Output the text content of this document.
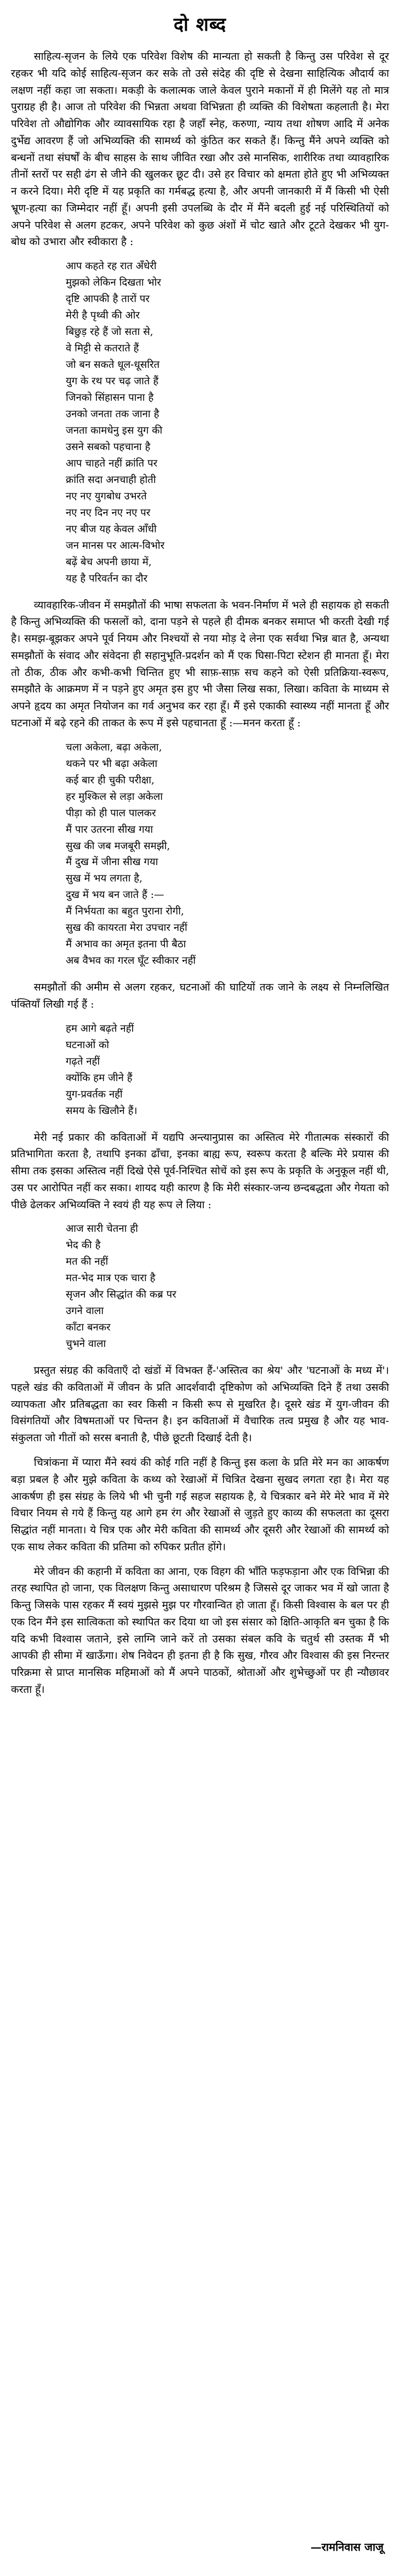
दो शब्द

साहित्य-सृजन के लिये एक परिवेश विशेष की मान्यता हो सकती है किन्तु उस परिवेश से दूर रहकर भी यदि कोई साहित्य-सृजन कर सके तो उसे संदेह की दृष्टि से देखना साहित्यिक औदार्य का लक्षण नहीं कहा जा सकता। मकड़ी के कलात्मक जाले केवल पुराने मकानों में ही मिलेंगे यह तो मात्र पुराग्रह ही है। आज तो परिवेश की भिन्नता अथवा विभिन्नता ही व्यक्ति की विशेषता कहलाती है। मेरा परिवेश तो औद्योगिक और व्यावसायिक रहा है जहाँ स्नेह, करुणा, न्याय तथा शोषण आदि में अनेक दुर्भेद्य आवरण हैं जो अभिव्यक्ति की सामर्थ्य को कुंठित कर सकते हैं। किन्तु मैंने अपने व्यक्ति को बन्धनों तथा संघर्षों के बीच साहस के साथ जीवित रखा और उसे मानसिक, शारीरिक तथा व्यावहारिक तीनों स्तरों पर सही ढंग से जीने की खुलकर छूट दी। उसे हर विचार को क्षमता होते हुए भी अभिव्यक्त न करने दिया। मेरी दृष्टि में यह प्रकृति का गर्मबद्ध हत्या है, और अपनी जानकारी में मैं किसी भी ऐसी भ्रूण-हत्या का जिम्मेदार नहीं हूँ। अपनी इसी उपलब्धि के दौर में मैंने बदली हुई नई परिस्थितियों को अपने परिवेश से अलग हटकर, अपने परिवेश को कुछ अंशों में चोट खाते और टूटते देखकर भी युग-बोध को उभारा और स्वीकारा है :

आप कहते रह रात अँधेरी
मुझको लेकिन दिखता भोर
दृष्टि आपकी है तारों पर
मेरी है पृथ्वी की ओर
बिछुड़ रहे हैं जो सता से,
वे मिट्टी से कतराते हैं
जो बन सकते धूल-धूसरित
युग के रथ पर चढ़ जाते हैं
जिनको सिंहासन पाना है
उनको जनता तक जाना है
जनता कामधेनु इस युग की
उसने सबको पहचाना है
आप चाहते नहीं क्रांति पर
क्रांति सदा अनचाही होती
नए नए युगबोध उभरते
नए नए दिन नए नए पर
नए बीज यह केवल आँधी
जन मानस पर आत्म-विभोर
बढ़ें बेच अपनी छाया में,
यह है परिवर्तन का दौर

व्यावहारिक-जीवन में समझौतों की भाषा सफलता के भवन-निर्माण में भले ही सहायक हो सकती है किन्तु अभिव्यक्ति की फसलों को, दाना पड़ने से पहले ही दीमक बनकर समाप्त भी करती देखी गई है। समझ-बूझकर अपने पूर्व नियम और निश्चयों से नया मोड़ दे लेना एक सर्वथा भिन्न बात है, अन्यथा समझौतों के संवाद और संवेदना ही सहानुभूति-प्रदर्शन को मैं एक घिसा-पिटा स्टेशन ही मानता हूँ। मेरा तो ठीक, ठीक और कभी-कभी चिन्तित हुए भी साफ़-साफ़ सच कहने को ऐसी प्रतिक्रिया-स्वरूप, समझौते के आक्रमण में न पड़ने हुए अमृत इस हुए भी जैसा लिख सका, लिखा। कविता के माध्यम से अपने हृदय का अमृत नियोजन का गर्व अनुभव कर रहा हूँ। मैं इसे एकाकी स्वास्थ्य नहीं मानता हूँ और घटनाओं में बढ़े रहने की ताकत के रूप में इसे पहचानता हूँ :—मनन करता हूँ :

चला अकेला, बढ़ा अकेला,
थकने पर भी बढ़ा अकेला
कई बार ही चुकी परीक्षा,
हर मुश्किल से लड़ा अकेला
पीड़ा को ही पाल पालकर
मैं पार उतरना सीख गया
सुख की जब मजबूरी समझी,
मैं दुख में जीना सीख गया
सुख में भय लगता है,
दुख में भय बन जाते हैं :—
मैं निर्भयता का बहुत पुराना रोगी,
सुख की कायरता मेरा उपचार नहीं
मैं अभाव का अमृत इतना पी बैठा
अब वैभव का गरल घूँट स्वीकार नहीं

समझौतों की अमीम से अलग रहकर, घटनाओं की घाटियों तक जाने के लक्ष्य से निम्नलिखित पंक्तियाँ लिखी गई हैं :

हम आगे बढ़ते नहीं
घटनाओं को
गढ़ते नहीं
क्योंकि हम जीने हैं
युग-प्रवर्तक नहीं
समय के खिलौने हैं।

मेरी नई प्रकार की कविताओं में यद्यपि अन्त्यानुप्रास का अस्तित्व मेरे गीतात्मक संस्कारों की प्रतिभागिता करता है, तथापि इनका ढाँचा, इनका बाह्य रूप, स्वरूप करता है बल्कि मेरे प्रयास की सीमा तक इसका अस्तित्व नहीं दिखे ऐसे पूर्व-निश्चित सोचें को इस रूप के प्रकृति के अनुकूल नहीं थी, उस पर आरोपित नहीं कर सका। शायद यही कारण है कि मेरी संस्कार-जन्य छन्दबद्धता और गेयता को पीछे ढेलकर अभिव्यक्ति ने स्वयं ही यह रूप ले लिया :

आज सारी चेतना ही
भेद की है
मत की नहीं
मत-भेद मात्र एक चारा है
सृजन और सिद्धांत की कब्र पर
उगने वाला
काँटा बनकर
चुभने वाला

प्रस्तुत संग्रह की कविताएँ दो खंडों में विभक्त हैं-'अस्तित्व का श्रेय' और 'घटनाओं के मध्य में'। पहले खंड की कविताओं में जीवन के प्रति आदर्शवादी दृष्टिकोण को अभिव्यक्ति दिने हैं तथा उसकी व्यापकता और प्रतिबद्धता का स्वर किसी न किसी रूप से मुखरित है। दूसरे खंड में युग-जीवन की विसंगतियों और विषमताओं पर चिन्तन है। इन कविताओं में वैचारिक तत्व प्रमुख है और यह भाव-संकुलता जो गीतों को सरस बनाती है, पीछे छूटती दिखाई देती है।

चित्रांकना में प्यारा मैंने स्वयं की कोई गति नहीं है किन्तु इस कला के प्रति मेरे मन का आकर्षण बड़ा प्रबल है और मुझे कविता के कथ्य को रेखाओं में चित्रित देखना सुखद लगता रहा है। मेरा यह आकर्षण ही इस संग्रह के लिये भी भी चुनी गई सहज सहायक है, ये चित्रकार बने मेरे मेरे भाव में मेरे विचार नियम से गये हैं किन्तु यह आगे हम रंग और रेखाओं से जुड़ते हुए काव्य की सफलता का दूसरा सिद्धांत नहीं मानता। ये चित्र एक और मेरी कविता की सामर्थ्य और दूसरी और रेखाओं की सामर्थ्य को एक साथ लेकर कविता की प्रतिमा को रुपिकर प्रतीत होंगे।

मेरे जीवन की कहानी में कविता का आना, एक विहग की भाँति फड़फड़ाना और एक विभिन्ना की तरह स्थापित हो जाना, एक विलक्षण किन्तु असाधारण परिश्रम है जिससे दूर जाकर भव में खो जाता है किन्तु जिसके पास रहकर मैं स्वयं मुझसे मुझ पर गौरवान्वित हो जाता हूँ। किसी विश्वास के बल पर ही एक दिन मैंने इस सात्विकता को स्थापित कर दिया था जो इस संसार को क्षिति-आकृति बन चुका है कि यदि कभी विश्वास जताने, इसे लाग्नि जाने करें तो उसका संबल कवि के चतुर्थ सी उस्तक मैं भी आपकी ही सीमा में खाऊँगा। शेष निवेदन ही इतना ही है कि सुख, गौरव और विश्वास की इस निरन्तर परिक्रमा से प्राप्त मानसिक महिमाओं को मैं अपने पाठकों, श्रोताओं और शुभेच्छुओं पर ही न्यौछावर करता हूँ।

—रामनिवास जाजू
